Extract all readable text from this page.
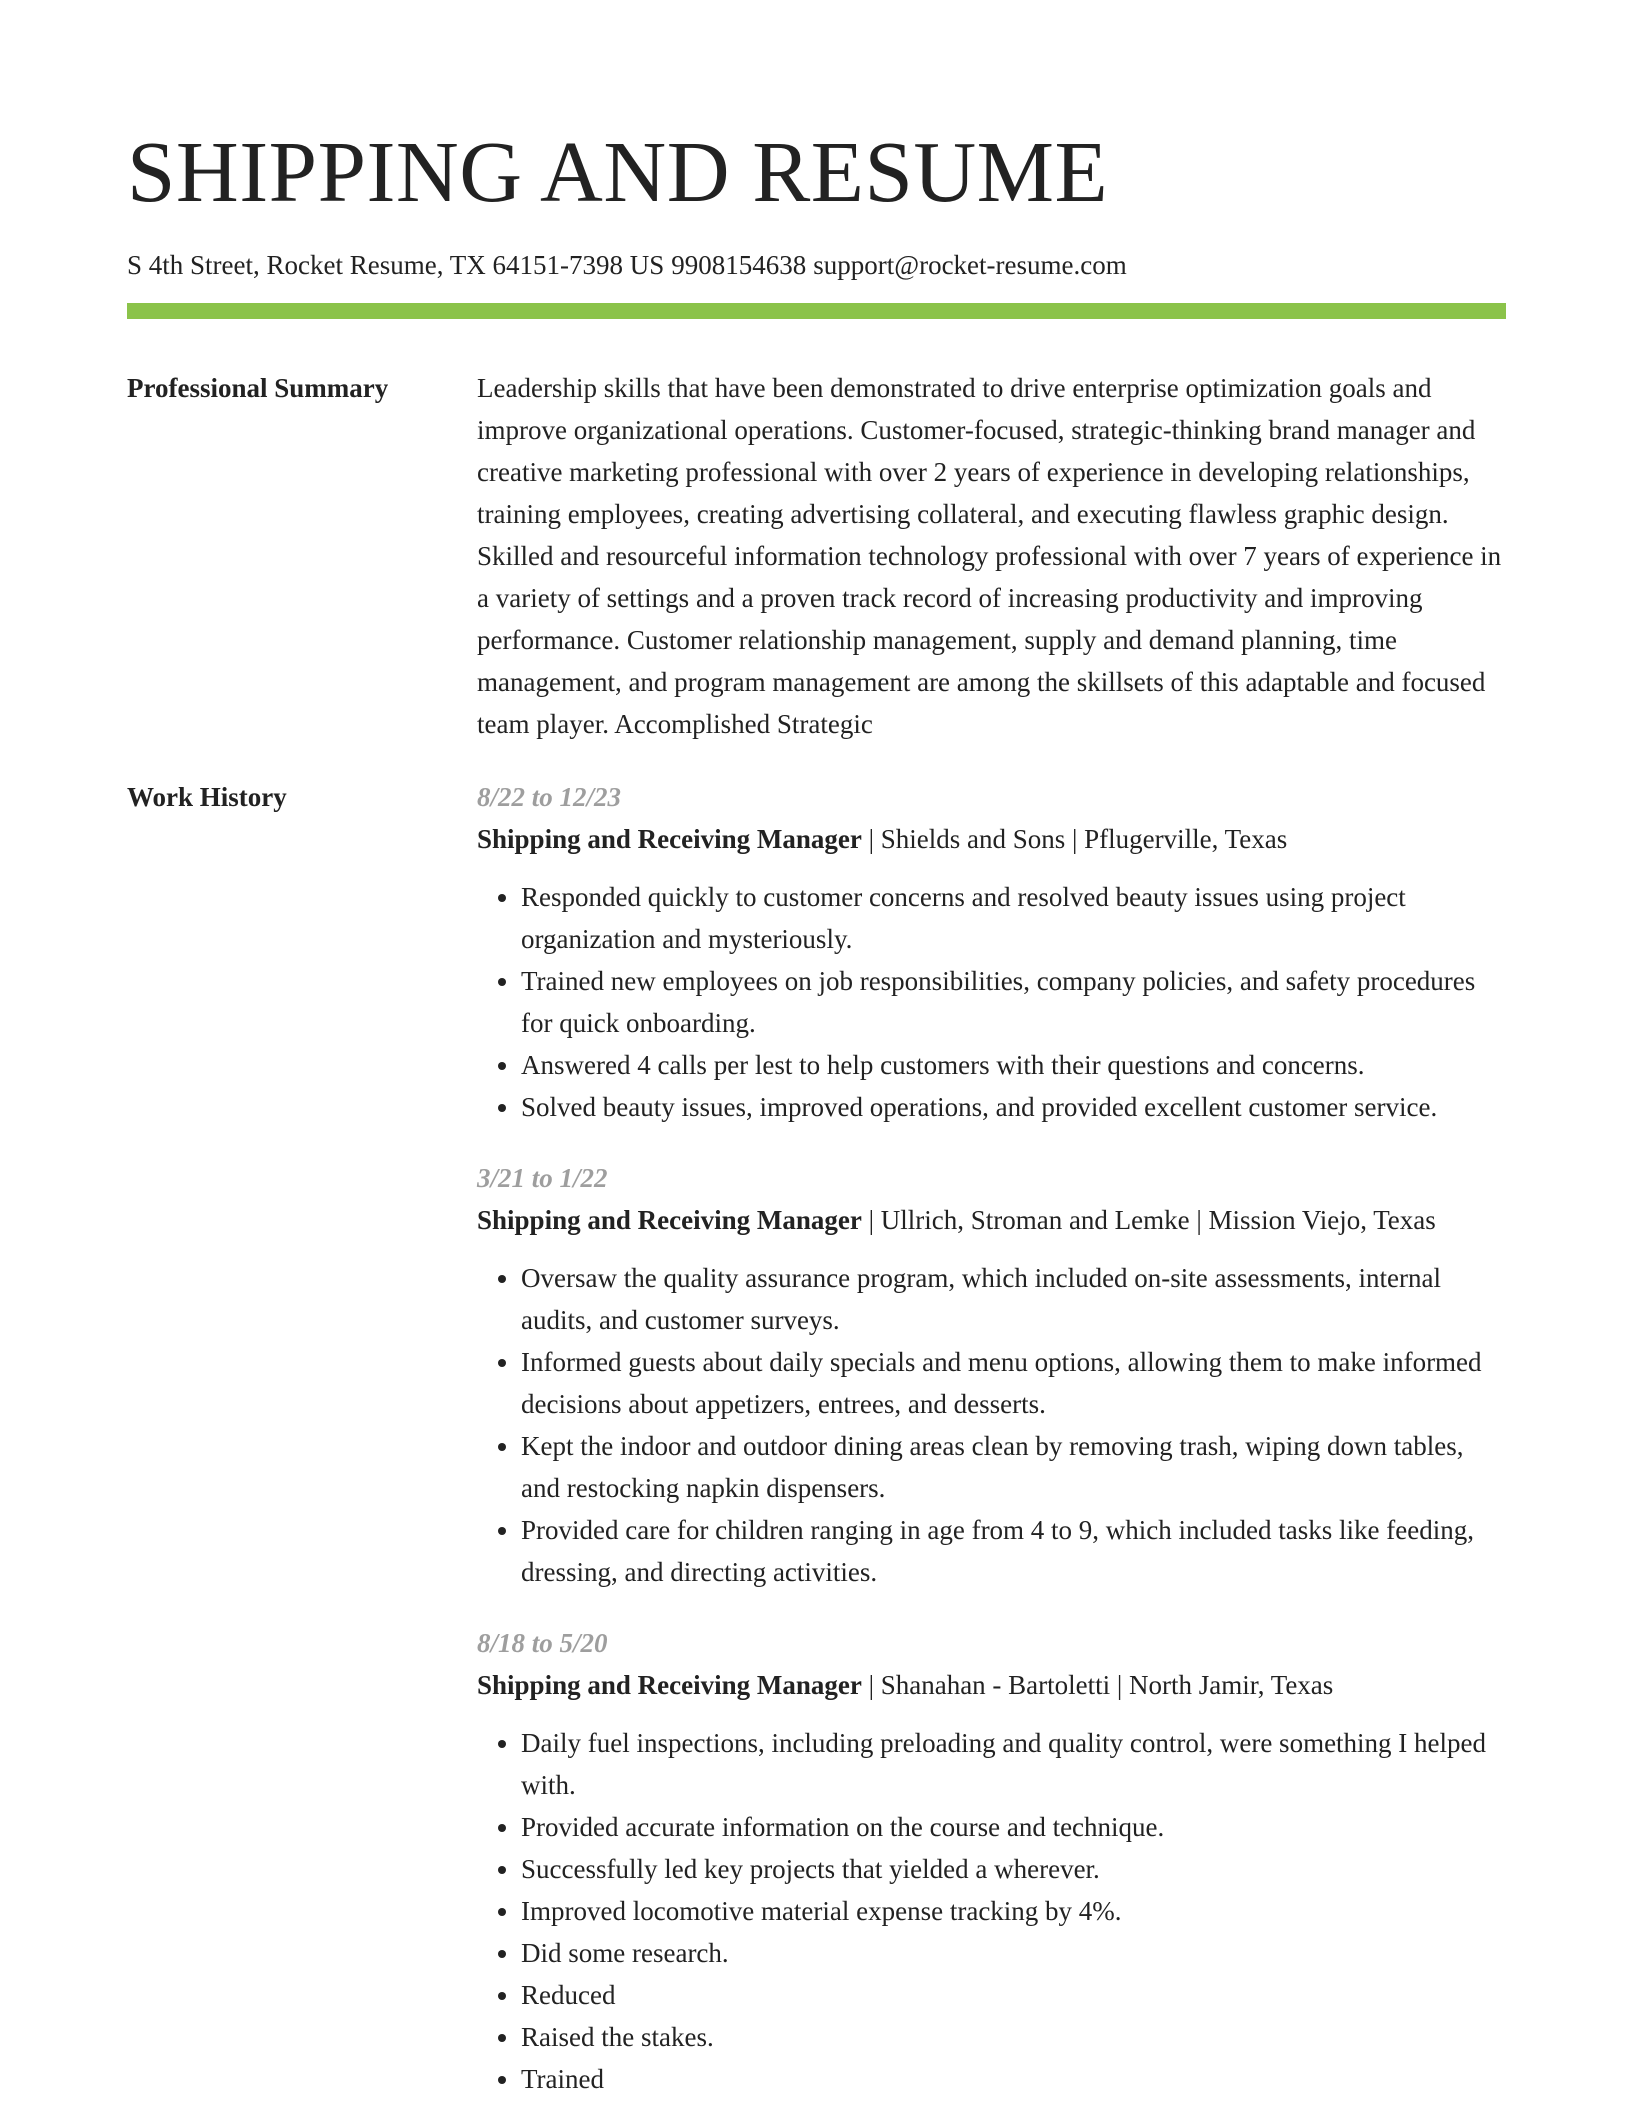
SHIPPING AND RESUME
S 4th Street, Rocket Resume, TX 64151-7398 US 9908154638 support@rocket-resume.com
Professional Summary	Leadership skills that have been demonstrated to drive enterprise optimization goals and improve organizational operations. Customer-focused, strategic-thinking brand manager and creative marketing professional with over 2 years of experience in developing relationships, training employees, creating advertising collateral, and executing flawless graphic design. Skilled and resourceful information technology professional with over 7 years of experience in a variety of settings and a proven track record of increasing productivity and improving performance. Customer relationship management, supply and demand planning, time management, and program management are among the skillsets of this adaptable and focused team player. Accomplished Strategic
Work History	8/22 to 12/23
Shipping and Receiving Manager | Shields and Sons | Pflugerville, Texas
• Responded quickly to customer concerns and resolved beauty issues using project organization and mysteriously.
• Trained new employees on job responsibilities, company policies, and safety procedures for quick onboarding.
• Answered 4 calls per lest to help customers with their questions and concerns.
• Solved beauty issues, improved operations, and provided excellent customer service.
3/21 to 1/22
Shipping and Receiving Manager | Ullrich, Stroman and Lemke | Mission Viejo, Texas
• Oversaw the quality assurance program, which included on-site assessments, internal audits, and customer surveys.
• Informed guests about daily specials and menu options, allowing them to make informed decisions about appetizers, entrees, and desserts.
• Kept the indoor and outdoor dining areas clean by removing trash, wiping down tables, and restocking napkin dispensers.
• Provided care for children ranging in age from 4 to 9, which included tasks like feeding, dressing, and directing activities.
8/18 to 5/20
Shipping and Receiving Manager | Shanahan - Bartoletti | North Jamir, Texas
• Daily fuel inspections, including preloading and quality control, were something I helped with.
• Provided accurate information on the course and technique.
• Successfully led key projects that yielded a wherever.
• Improved locomotive material expense tracking by 4%.
• Did some research.
• Reduced
• Raised the stakes.
• Trained
